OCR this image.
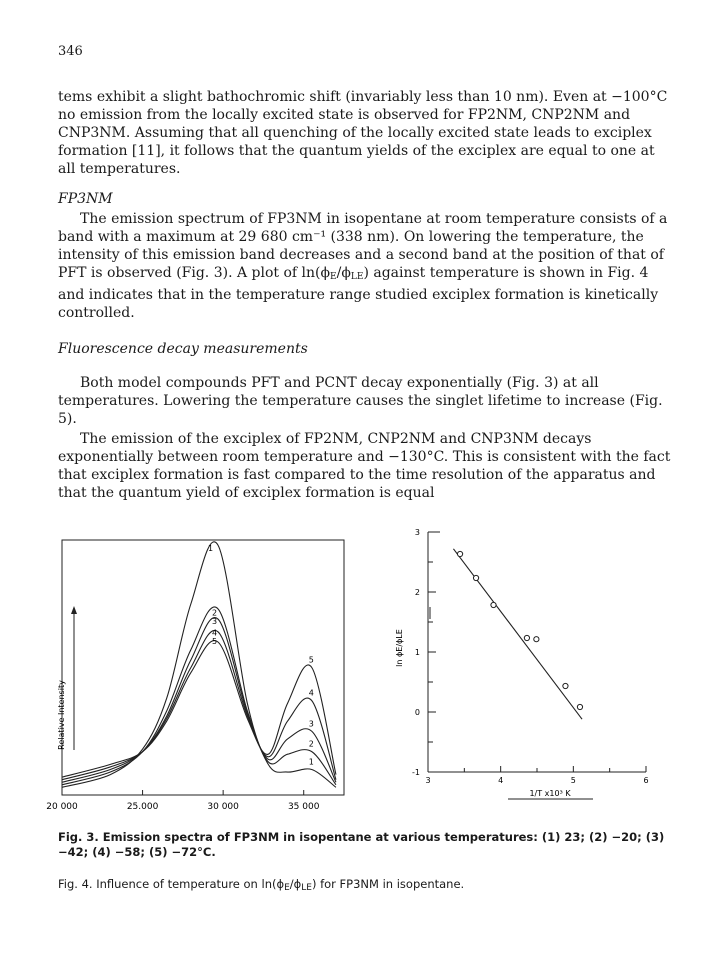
346

tems exhibit a slight bathochromic shift (invariably less than 10 nm). Even at −100°C no emission from the locally excited state is observed for FP2NM, CNP2NM and CNP3NM. Assuming that all quenching of the locally excited state leads to exciplex formation [11], it follows that the quantum yields of the exciplex are equal to one at all temperatures.

FP3NM

The emission spectrum of FP3NM in isopentane at room temperature consists of a band with a maximum at 29 680 cm⁻¹ (338 nm). On lowering the temperature, the intensity of this emission band decreases and a second band at the position of that of PFT is observed (Fig. 3). A plot of $\ln(\phi_E/\phi_{LE})$ against temperature is shown in Fig. 4 and indicates that in the temperature range studied exciplex formation is kinetically controlled.

Fluorescence decay measurements

Both model compounds PFT and PCNT decay exponentially (Fig. 3) at all temperatures. Lowering the temperature causes the singlet lifetime to increase (Fig. 5).

The emission of the exciplex of FP2NM, CNP2NM and CNP3NM decays exponentially between room temperature and −130°C. This is consistent with the fact that exciplex formation is fast compared to the time resolution of the apparatus and that the quantum yield of exciplex formation is equal

20 000	25.000	30 000	35 000
Relative Intensity
1
1
2
2
3
3
4
4
5
5
3	4	5	6
-1
0
1
2
3
ln ϕE/ϕLE
1/T x10³ K
Fig. 3. Emission spectra of FP3NM in isopentane at various temperatures: (1) 23; (2) −20; (3) −42; (4) −58; (5) −72°C.
Fig. 4. Influence of temperature on $\ln(\phi_E/\phi_{LE})$ for FP3NM in isopentane.
